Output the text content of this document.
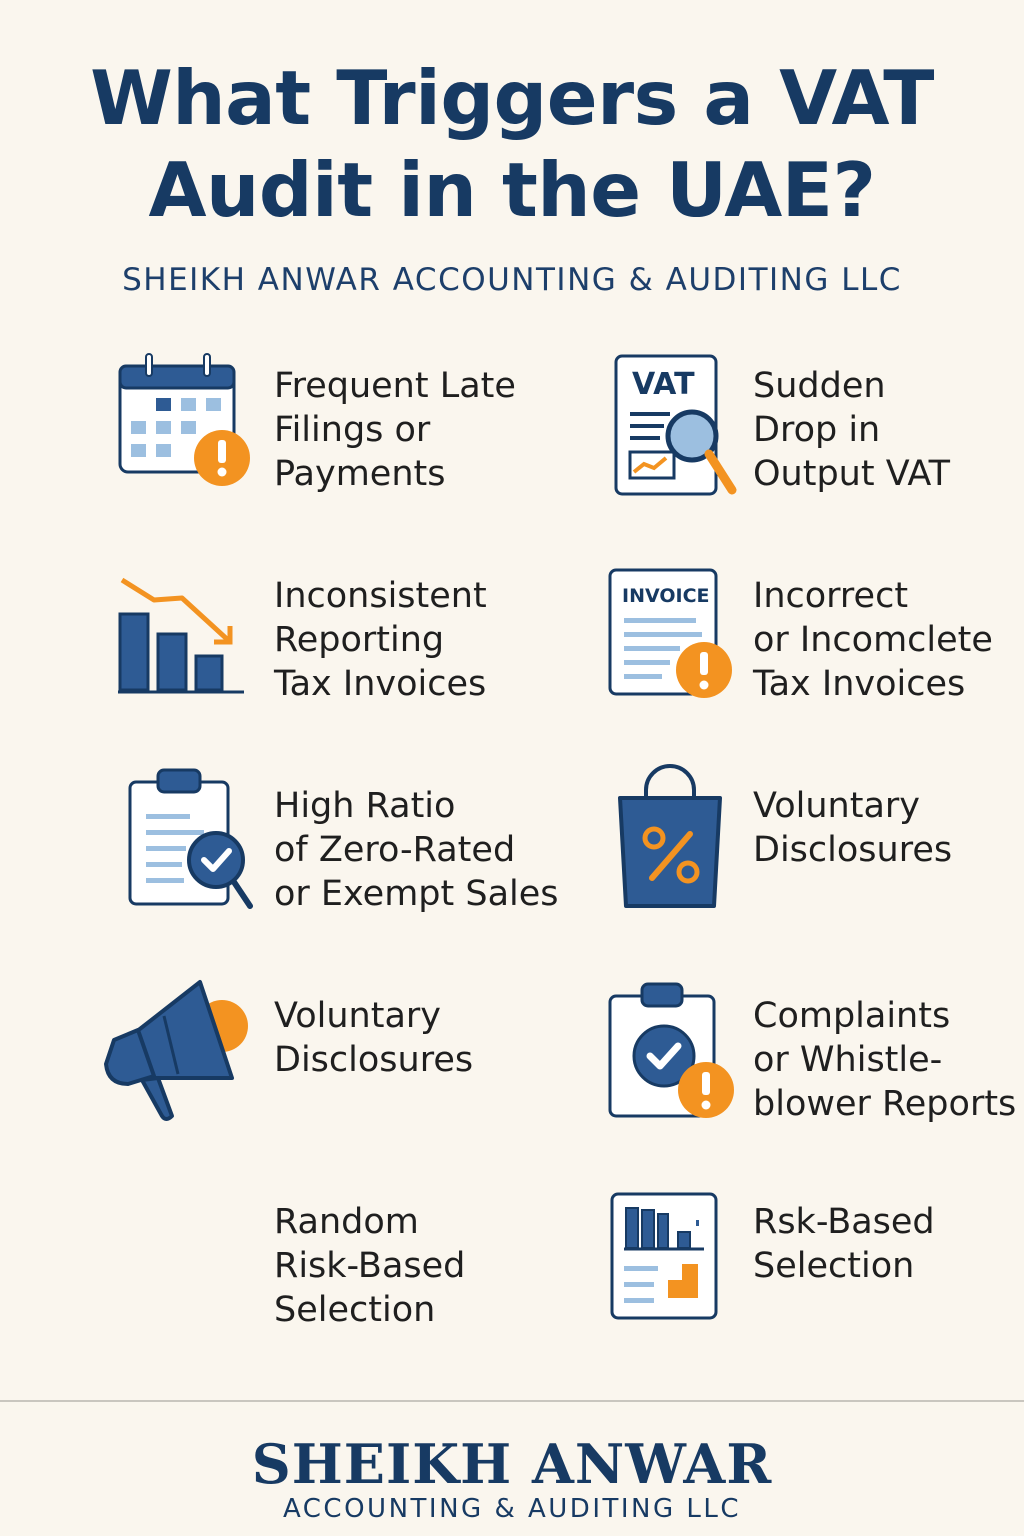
What Triggers a VAT
Audit in the UAE?
SHEIKH ANWAR ACCOUNTING & AUDITING LLC
Frequent Late
Filings or
Payments
VAT Sudden
Drop in
Output VAT
Inconsistent
Reporting
Tax Invoices
INVOICE Incorrect
or Incomclete
Tax Invoices
High Ratio
of Zero-Rated
or Exempt Sales
Voluntary
Disclosures
Voluntary
Disclosures
Complaints
or Whistle-
blower Reports
Random
Risk-Based
Selection
Rsk-Based
Selection
SHEIKH ANWAR
ACCOUNTING & AUDITING LLC
